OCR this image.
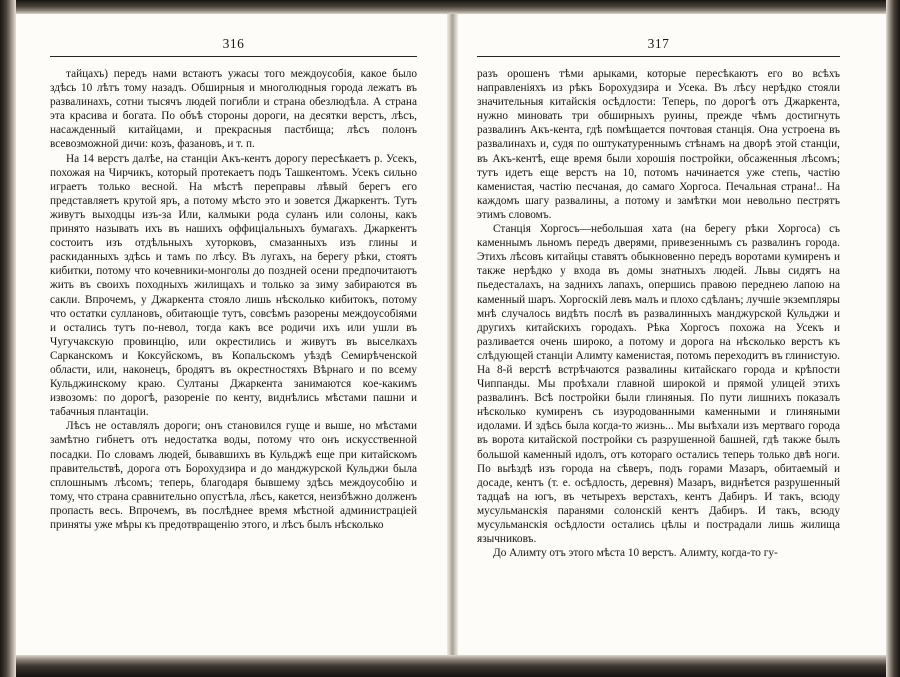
316

тайцахъ) передъ нами встаютъ ужасы того междоусобія, какое было здѣсь 10 лѣтъ тому назадъ. Обширныя и многолюдныя города лежатъ въ развалинахъ, сотни тысячъ людей погибли и страна обезлюдѣла. А страна эта красива и богата. По объѣ стороны дороги, на десятки верстъ, лѣсъ, насажденный китайцами, и прекрасныя пастбища; лѣсъ полонъ всевозможной дичи: козъ, фазановъ, и т. п.

На 14 верстъ далѣе, на станціи Акъ-кентъ дорогу пересѣкаетъ р. Усекъ, похожая на Чирчикъ, который протекаетъ подъ Ташкентомъ. Усекъ сильно играетъ только весной. На мѣстѣ переправы лѣвый берегъ его представляетъ крутой яръ, а потому мѣсто это и зовется Джаркентъ. Тутъ живутъ выходцы изъ-за Или, калмыки рода суланъ или солоны, какъ принято называть ихъ въ нашихъ оффиціальныхъ бумагахъ. Джаркентъ состоитъ изъ отдѣльныхъ хуторковъ, смазанныхъ изъ глины и раскиданныхъ здѣсь и тамъ по лѣсу. Въ лугахъ, на берегу рѣки, стоятъ кибитки, потому что кочевники-монголы до поздней осени предпочитаютъ жить въ своихъ походныхъ жилищахъ и только за зиму забираются въ сакли. Впрочемъ, у Джаркента стояло лишь нѣсколько кибитокъ, потому что остатки суллановъ, обитающіе тутъ, совсѣмъ разорены междоусобіями и остались тутъ по-невол, тогда какъ все родичи ихъ или ушли въ Чугучакскую провинцію, или окрестились и живутъ въ выселкахъ Сарканскомъ и Коксуйскомъ, въ Копальскомъ уѣздѣ Семирѣченской области, или, наконецъ, бродятъ въ окрестностяхъ Вѣрнаго и по всему Кульджинскому краю. Султаны Джаркента занимаются кое-какимъ извозомъ: по дорогѣ, разореніе по кенту, виднѣлись мѣстами пашни и табачныя плантаціи.

Лѣсъ не оставлялъ дороги; онъ становился гуще и выше, но мѣстами замѣтно гибнетъ отъ недостатка воды, потому что онъ искусственной посадки. По словамъ людей, бывавшихъ въ Кульджѣ еще при китайскомъ правительствѣ, дорога отъ Борохудзира и до манджурской Кульджи была сплошнымъ лѣсомъ; теперь, благодаря бывшему здѣсь междоусобію и тому, что страна сравнительно опустѣла, лѣсъ, какется, неизбѣжно долженъ пропасть весь. Впрочемъ, въ послѣднее время мѣстной администраціей приняты уже мѣры къ предотвращенію этого, и лѣсъ былъ нѣсколько

317

разъ орошенъ тѣми арыками, которые пересѣкаютъ его во всѣхъ направленіяхъ из рѣкъ Борохудзира и Усека. Въ лѣсу нерѣдко стояли значительныя китайскія осѣдлости: Теперь, по дорогѣ отъ Джаркента, нужно миновать три обширныхъ руины, прежде чѣмъ достигнуть развалинъ Акъ-кента, гдѣ помѣщается почтовая станція. Она устроена въ развалинахъ и, судя по оштукатуреннымъ стѣнамъ на дворѣ этой станціи, въ Акъ-кентѣ, еще время были хорошія постройки, обсаженныя лѣсомъ; тутъ идетъ еще верстъ на 10, потомъ начинается уже степь, частію каменистая, частію песчаная, до самаго Хоргоса. Печальная страна!.. На каждомъ шагу развалины, а потому и замѣтки мои невольно пестрятъ этимъ словомъ.

Станція Хоргосъ—небольшая хата (на берегу рѣки Хоргоса) съ каменнымъ льномъ передъ дверями, привезеннымъ съ развалинъ города. Этихъ лѣсовъ китайцы ставятъ обыкновенно передъ воротами кумиренъ и также нерѣдко у входа въ домы знатныхъ людей. Львы сидятъ на пьедесталахъ, на заднихъ лапахъ, опершись правою переднею лапою на каменный шаръ. Хоргоскій левъ малъ и плохо сдѣланъ; лучшіе экземпляры мнѣ случалось видѣть послѣ въ развалинныхъ манджурской Кульджи и другихъ китайскихъ городахъ. Рѣка Хоргосъ похожа на Усекъ и разливается очень широко, а потому и дорога на нѣсколько верстъ къ слѣдующей станціи Алимту каменистая, потомъ переходитъ въ глинистую. На 8-й верстѣ встрѣчаются развалины китайскаго города и крѣпости Чиппанды. Мы проѣхали главной широкой и прямой улицей этихъ развалинъ. Всѣ постройки были глиняныя. По пути лишнихъ показалъ нѣсколько кумиренъ съ изуродованными каменными и глиняными идолами. И здѣсь была когда-то жизнь... Мы выѣхали изъ мертваго города въ ворота китайской постройки съ разрушенной башней, гдѣ также былъ большой каменный идолъ, отъ котораго остались теперь только двѣ ноги. По выѣздѣ изъ города на сѣверъ, подъ горами Мазаръ, обитаемый и досаде, кентъ (т. е. осѣдлость, деревня) Мазаръ, виднѣется разрушенный тадцаѣ на югъ, въ четырехъ верстахъ, кентъ Дабиръ. И такъ, всюду мусульманскія паранями солонскій кентъ Дабиръ. И такъ, всюду мусульманскія осѣдлости остались цѣлы и пострадали лишь жилища язычниковъ.

До Алимту отъ этого мѣста 10 верстъ. Алимту, когда-то гу-
